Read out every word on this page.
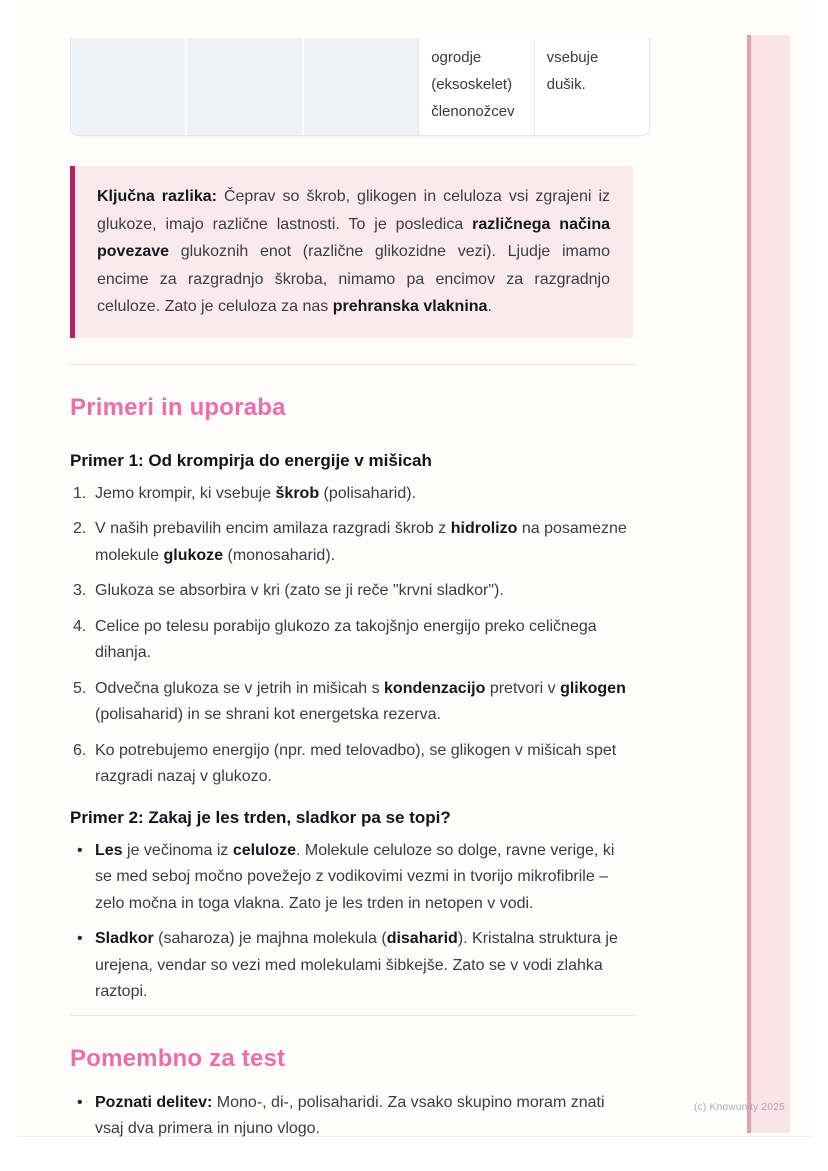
ogrodje (eksoskelet) členonožcev
vsebuje dušik.

Ključna razlika: Čeprav so škrob, glikogen in celuloza vsi zgrajeni iz glukoze, imajo različne lastnosti. To je posledica različnega načina povezave glukoznih enot (različne glikozidne vezi). Ljudje imamo encime za razgradnjo škroba, nimamo pa encimov za razgradnjo celuloze. Zato je celuloza za nas prehranska vlaknina.

Primeri in uporaba
Primer 1: Od krompirja do energije v mišicah
Jemo krompir, ki vsebuje škrob (polisaharid).
V naših prebavilih encim amilaza razgradi škrob z hidrolizo na posamezne molekule glukoze (monosaharid).
Glukoza se absorbira v kri (zato se ji reče "krvni sladkor").
Celice po telesu porabijo glukozo za takojšnjo energijo preko celičnega dihanja.
Odvečna glukoza se v jetrih in mišicah s kondenzacijo pretvori v glikogen (polisaharid) in se shrani kot energetska rezerva.
Ko potrebujemo energijo (npr. med telovadbo), se glikogen v mišicah spet razgradi nazaj v glukozo.
Primer 2: Zakaj je les trden, sladkor pa se topi?
• Les je večinoma iz celuloze. Molekule celuloze so dolge, ravne verige, ki se med seboj močno povežejo z vodikovimi vezmi in tvorijo mikrofibrile – zelo močna in toga vlakna. Zato je les trden in netopen v vodi.
• Sladkor (saharoza) je majhna molekula (disaharid). Kristalna struktura je urejena, vendar so vezi med molekulami šibkejše. Zato se v vodi zlahka raztopi.
Pomembno za test
• Poznati delitev: Mono-, di-, polisaharidi. Za vsako skupino moram znati vsaj dva primera in njuno vlogo.
(c) Knowunity 2025
